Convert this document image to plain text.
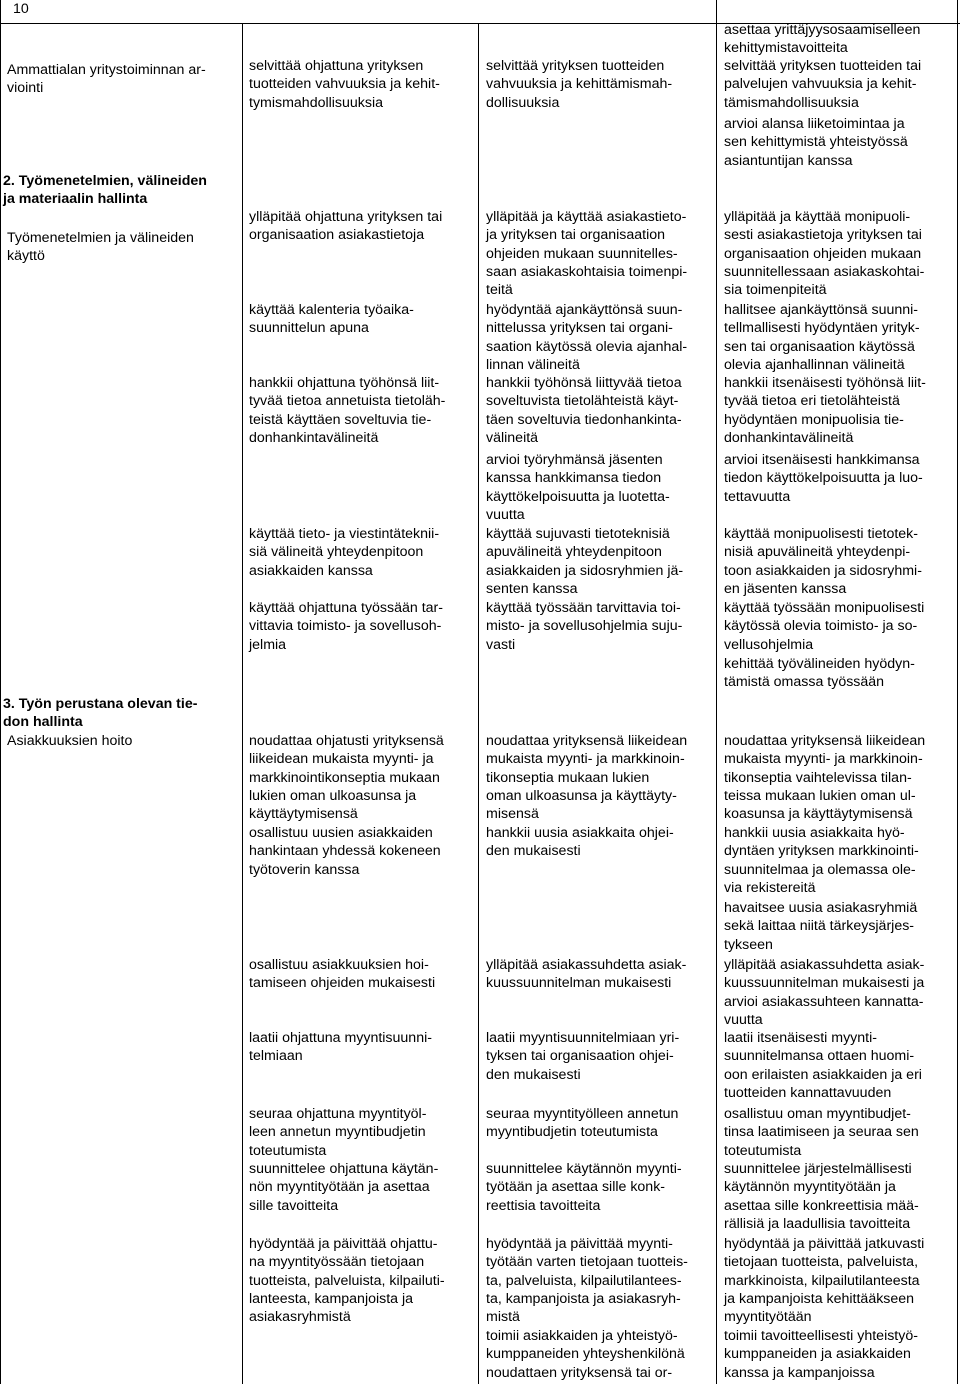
10
Ammattialan yritystoiminnan ar-
viointi
2. Työmenetelmien, välineiden
ja materiaalin hallinta
Työmenetelmien ja välineiden
käyttö
3. Työn perustana olevan tie-
don hallinta
Asiakkuuksien hoito
selvittää ohjattuna yrityksen
tuotteiden vahvuuksia ja kehit-
tymismahdollisuuksia
ylläpitää ohjattuna yrityksen tai
organisaation asiakastietoja
käyttää kalenteria työaika-
suunnittelun apuna
hankkii ohjattuna työhönsä liit-
tyvää tietoa annetuista tietoläh-
teistä käyttäen soveltuvia tie-
donhankintavälineitä
käyttää tieto- ja viestintäteknii-
siä välineitä yhteydenpitoon
asiakkaiden kanssa
käyttää ohjattuna työssään tar-
vittavia toimisto- ja sovellusoh-
jelmia
noudattaa ohjatusti yrityksensä
liikeidean mukaista myynti- ja
markkinointikonseptia mukaan
lukien oman ulkoasunsa ja
käyttäytymisensä
osallistuu uusien asiakkaiden
hankintaan yhdessä kokeneen
työtoverin kanssa
osallistuu asiakkuuksien hoi-
tamiseen ohjeiden mukaisesti
laatii ohjattuna myyntisuunni-
telmiaan
seuraa ohjattuna myyntityöl-
leen annetun myyntibudjetin
toteutumista
suunnittelee ohjattuna käytän-
nön myyntityötään ja asettaa
sille tavoitteita
hyödyntää ja päivittää ohjattu-
na myyntityössään tietojaan
tuotteista, palveluista, kilpailuti-
lanteesta, kampanjoista ja
asiakasryhmistä
selvittää yrityksen tuotteiden
vahvuuksia ja kehittämismah-
dollisuuksia
ylläpitää ja käyttää asiakastieto-
ja yrityksen tai organisaation
ohjeiden mukaan suunnitelles-
saan asiakaskohtaisia toimenpi-
teitä
hyödyntää ajankäyttönsä suun-
nittelussa yrityksen tai organi-
saation käytössä olevia ajanhal-
linnan välineitä
hankkii työhönsä liittyvää tietoa
soveltuvista tietolähteistä käyt-
täen soveltuvia tiedonhankinta-
välineitä
arvioi työryhmänsä jäsenten
kanssa hankkimansa tiedon
käyttökelpoisuutta ja luotetta-
vuutta
käyttää sujuvasti tietoteknisiä
apuvälineitä yhteydenpitoon
asiakkaiden ja sidosryhmien jä-
senten kanssa
käyttää työssään tarvittavia toi-
misto- ja sovellusohjelmia suju-
vasti
noudattaa yrityksensä liikeidean
mukaista myynti- ja markkinoin-
tikonseptia mukaan lukien
oman ulkoasunsa ja käyttäyty-
misensä
hankkii uusia asiakkaita ohjei-
den mukaisesti
ylläpitää asiakassuhdetta asiak-
kuussuunnitelman mukaisesti
laatii myyntisuunnitelmiaan yri-
tyksen tai organisaation ohjei-
den mukaisesti
seuraa myyntityölleen annetun
myyntibudjetin toteutumista
suunnittelee käytännön myynti-
työtään ja asettaa sille konk-
reettisia tavoitteita
hyödyntää ja päivittää myynti-
työtään varten tietojaan tuotteis-
ta, palveluista, kilpailutilantees-
ta, kampanjoista ja asiakasryh-
mistä
toimii asiakkaiden ja yhteistyö-
kumppaneiden yhteyshenkilönä
noudattaen yrityksensä tai or-
asettaa yrittäjyysosaamiselleen
kehittymistavoitteita
selvittää yrityksen tuotteiden tai
palvelujen vahvuuksia ja kehit-
tämismahdollisuuksia
arvioi alansa liiketoimintaa ja
sen kehittymistä yhteistyössä
asiantuntijan kanssa
ylläpitää ja käyttää monipuoli-
sesti asiakastietoja yrityksen tai
organisaation ohjeiden mukaan
suunnitellessaan asiakaskohtai-
sia toimenpiteitä
hallitsee ajankäyttönsä suunni-
tellmallisesti hyödyntäen yrityk-
sen tai organisaation käytössä
olevia ajanhallinnan välineitä
hankkii itsenäisesti työhönsä liit-
tyvää tietoa eri tietolähteistä
hyödyntäen monipuolisia tie-
donhankintavälineitä
arvioi itsenäisesti hankkimansa
tiedon käyttökelpoisuutta ja luo-
tettavuutta
käyttää monipuolisesti tietotek-
nisiä apuvälineitä yhteydenpi-
toon asiakkaiden ja sidosryhmi-
en jäsenten kanssa
käyttää työssään monipuolisesti
käytössä olevia toimisto- ja so-
vellusohjelmia
kehittää työvälineiden hyödyn-
tämistä omassa työssään
noudattaa yrityksensä liikeidean
mukaista myynti- ja markkinoin-
tikonseptia vaihtelevissa tilan-
teissa mukaan lukien oman ul-
koasunsa ja käyttäytymisensä
hankkii uusia asiakkaita hyö-
dyntäen yrityksen markkinointi-
suunnitelmaa ja olemassa ole-
via rekistereitä
havaitsee uusia asiakasryhmiä
sekä laittaa niitä tärkeysjärjes-
tykseen
ylläpitää asiakassuhdetta asiak-
kuussuunnitelman mukaisesti ja
arvioi asiakassuhteen kannatta-
vuutta
laatii itsenäisesti myynti-
suunnitelmansa ottaen huomi-
oon erilaisten asiakkaiden ja eri
tuotteiden kannattavuuden
osallistuu oman myyntibudjet-
tinsa laatimiseen ja seuraa sen
toteutumista
suunnittelee järjestelmällisesti
käytännön myyntityötään ja
asettaa sille konkreettisia mää-
rällisiä ja laadullisia tavoitteita
hyödyntää ja päivittää jatkuvasti
tietojaan tuotteista, palveluista,
markkinoista, kilpailutilanteesta
ja kampanjoista kehittääkseen
myyntityötään
toimii tavoitteellisesti yhteistyö-
kumppaneiden ja asiakkaiden
kanssa ja kampanjoissa
